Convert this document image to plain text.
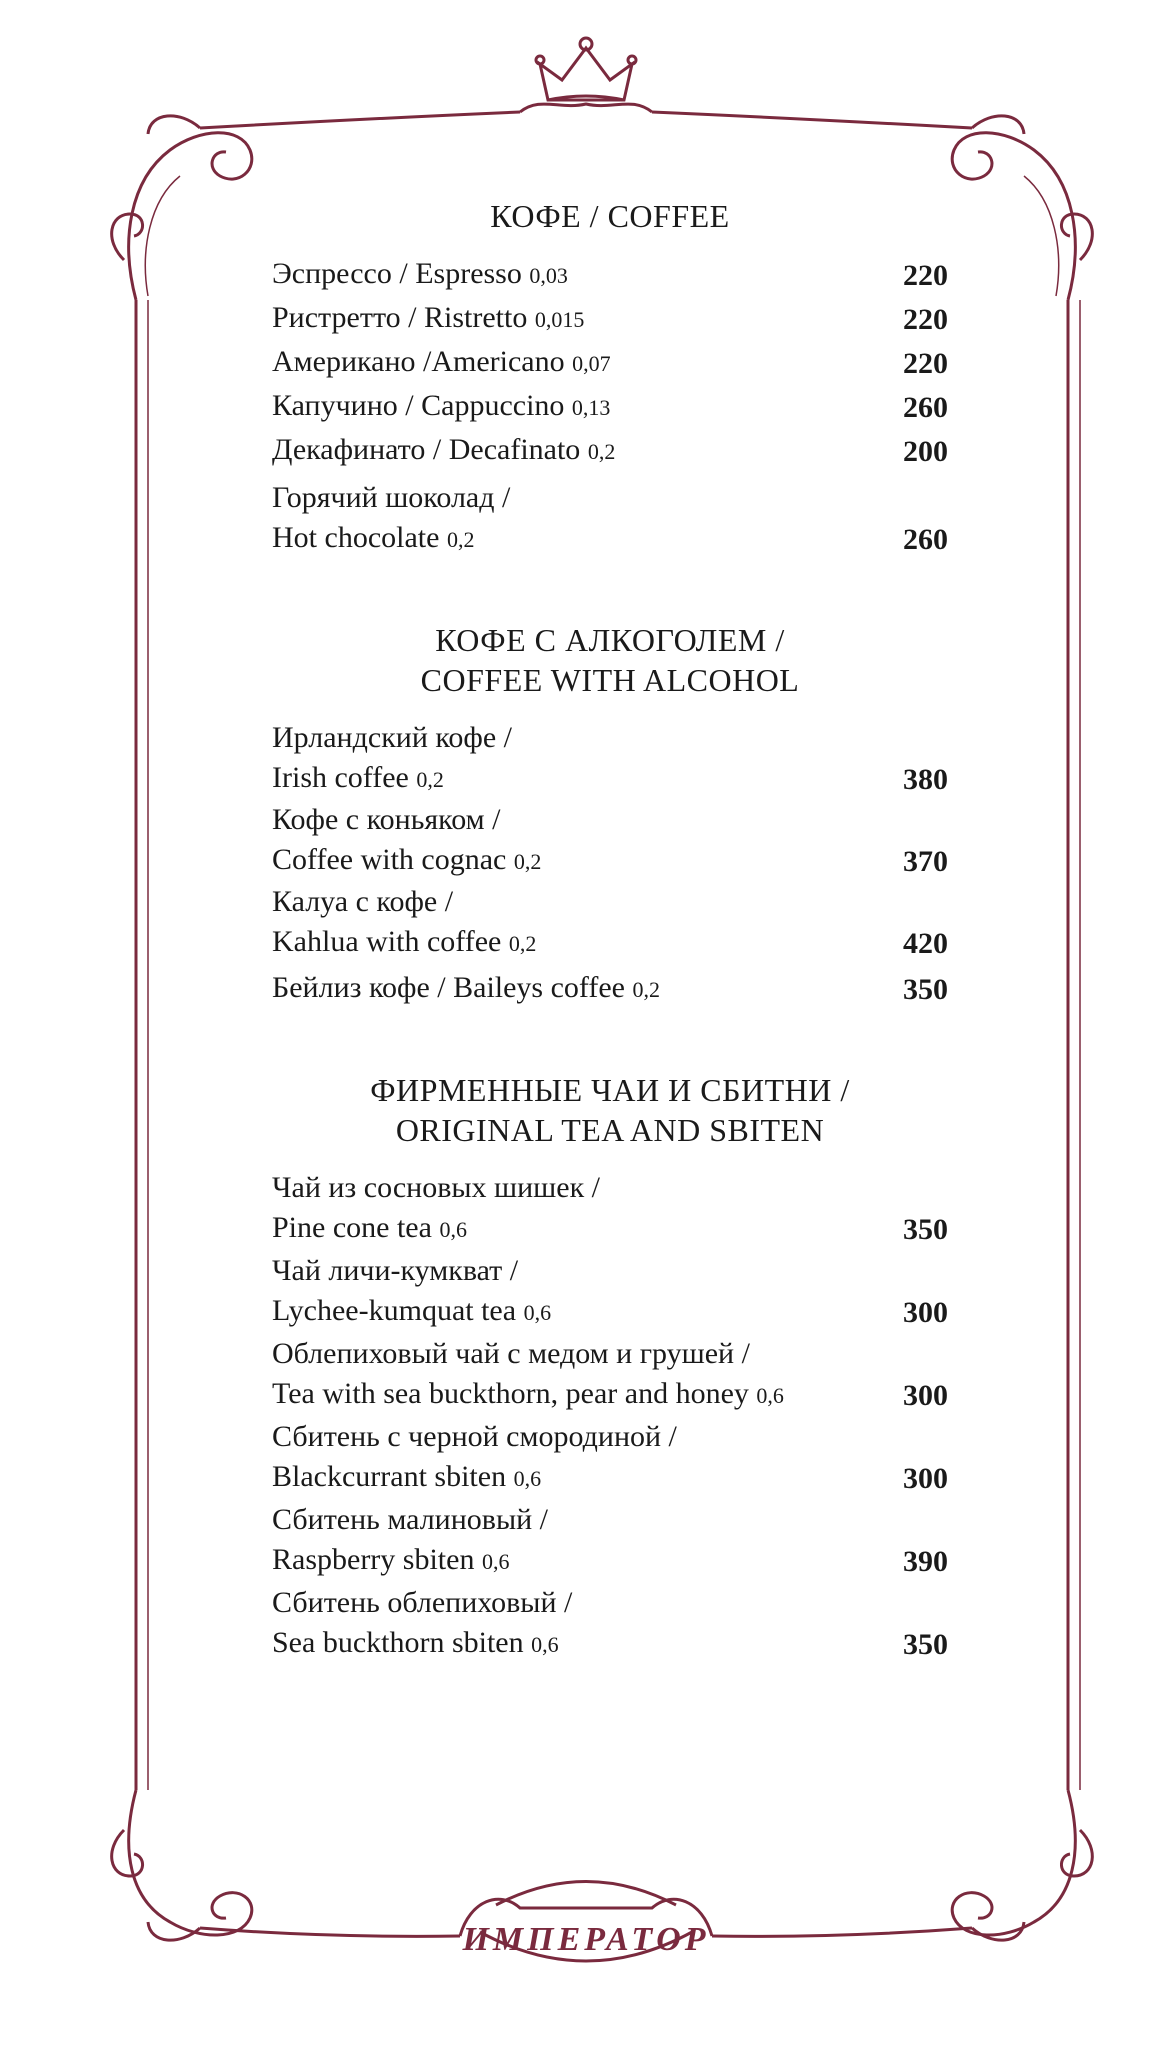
ИМПЕРАТОР
КОФЕ / COFFEE
Эспрессо / Espresso 0,03	220
Ристретто / Ristretto 0,015	220
Американо /Americano 0,07	220
Капучино / Cappuccino 0,13	260
Декафинато / Decafinato 0,2	200
Горячий шоколад /
Hot chocolate 0,2	260
КОФЕ С АЛКОГОЛЕМ /
COFFEE WITH ALCOHOL
Ирландский кофе /
Irish coffee 0,2	380
Кофе с коньяком /
Coffee with cognac 0,2	370
Калуа с кофе /
Kahlua with coffee 0,2	420
Бейлиз кофе / Baileys coffee 0,2	350
ФИРМЕННЫЕ ЧАИ И СБИТНИ /
ORIGINAL TEA AND SBITEN
Чай из сосновых шишек /
Pine cone tea 0,6	350
Чай личи-кумкват /
Lychee-kumquat tea 0,6	300
Облепиховый чай с медом и грушей /
Tea with sea buckthorn, pear and honey 0,6	300
Сбитень с черной смородиной /
Blackcurrant sbiten 0,6	300
Сбитень малиновый /
Raspberry sbiten 0,6	390
Сбитень облепиховый /
Sea buckthorn sbiten 0,6	350
